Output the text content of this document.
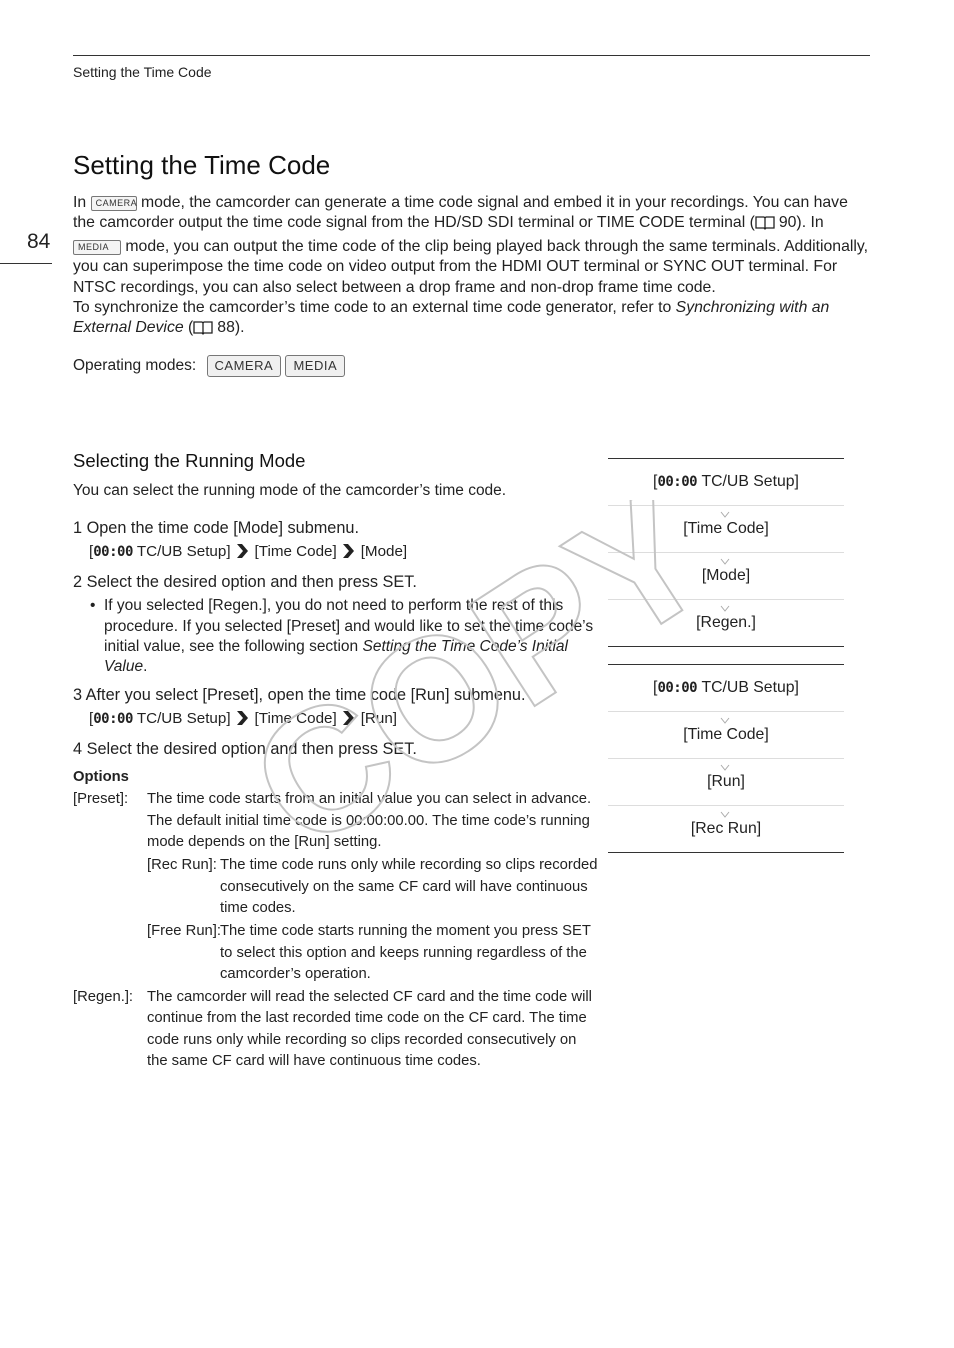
Setting the Time Code
84
Setting the Time Code

In CAMERA mode, the camcorder can generate a time code signal and embed it in your recordings. You can have the camcorder output the time code signal from the HD/SD SDI terminal or TIME CODE terminal ( 90). In
MEDIA mode, you can output the time code of the clip being played back through the same terminals. Additionally, you can superimpose the time code on video output from the HDMI OUT terminal or SYNC OUT terminal. For NTSC recordings, you can also select between a drop frame and non-drop frame time code.

To synchronize the camcorder’s time code to an external time code generator, refer to Synchronizing with an External Device ( 88).

Operating modes: CAMERA MEDIA
Selecting the Running Mode
You can select the running mode of the camcorder’s time code.
1 Open the time code [Mode] submenu.
[00:00 TC/UB Setup] [Time Code] [Mode]
2 Select the desired option and then press SET.
• If you selected [Regen.], you do not need to perform the rest of this procedure. If you selected [Preset] and would like to set the time code’s initial value, see the following section Setting the Time Code’s Initial Value.
3 After you select [Preset], open the time code [Run] submenu.
[00:00 TC/UB Setup] [Time Code] [Run]
4 Select the desired option and then press SET.
Options
[Preset]: The time code starts from an initial value you can select in advance. The default initial time code is 00:00:00.00. The time code’s running mode depends on the [Run] setting.
[Rec Run]: The time code runs only while recording so clips recorded consecutively on the same CF card will have continuous time codes.
[Free Run]:
The time code starts running the moment you press SET to select this option and keeps running regardless of the camcorder’s operation.
[Regen.]: The camcorder will read the selected CF card and the time code will continue from the last recorded time code on the CF card. The time code runs only while recording so clips recorded consecutively on the same CF card will have continuous time codes.
[ 00:00
TC/UB Setup]
[Time Code]
[Mode]
[Regen.]
[ 00:00
TC/UB Setup]
[Time Code]
[Run]
[Rec Run]
COPY
